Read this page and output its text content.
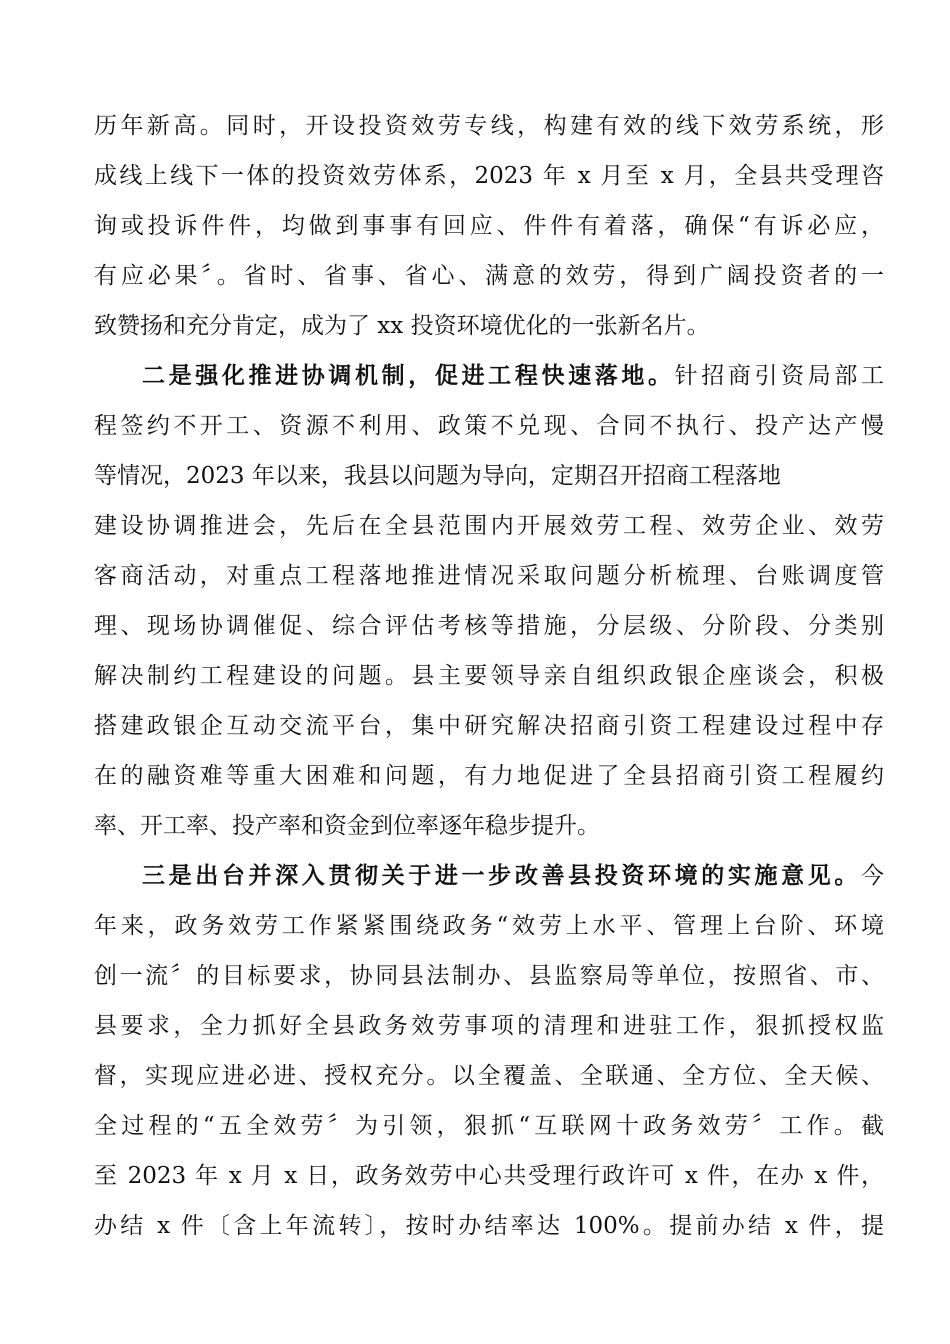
历年新高。同时，开设投资效劳专线，构建有效的线下效劳系统，形
成线上线下一体的投资效劳体系，2023 年 x 月至 x 月，全县共受理咨
询或投诉件件，均做到事事有回应、件件有着落，确保“有诉必应，
有应必果〞。省时、省事、省心、满意的效劳，得到广阔投资者的一
致赞扬和充分肯定，成为了 xx 投资环境优化的一张新名片。
二是强化推进协调机制，促进工程快速落地。针招商引资局部工
程签约不开工、资源不利用、政策不兑现、合同不执行、投产达产慢
等情况，2023 年以来，我县以问题为导向，定期召开招商工程落地
建设协调推进会，先后在全县范围内开展效劳工程、效劳企业、效劳
客商活动，对重点工程落地推进情况采取问题分析梳理、台账调度管
理、现场协调催促、综合评估考核等措施，分层级、分阶段、分类别
解决制约工程建设的问题。县主要领导亲自组织政银企座谈会，积极
搭建政银企互动交流平台，集中研究解决招商引资工程建设过程中存
在的融资难等重大困难和问题，有力地促进了全县招商引资工程履约
率、开工率、投产率和资金到位率逐年稳步提升。
三是出台并深入贯彻关于进一步改善县投资环境的实施意见。今
年来，政务效劳工作紧紧围绕政务“效劳上水平、管理上台阶、环境
创一流〞的目标要求，协同县法制办、县监察局等单位，按照省、市、
县要求，全力抓好全县政务效劳事项的清理和进驻工作，狠抓授权监
督，实现应进必进、授权充分。以全覆盖、全联通、全方位、全天候、
全过程的“五全效劳〞为引领，狠抓“互联网十政务效劳〞工作。截
至 2023 年 x 月 x 日，政务效劳中心共受理行政许可 x 件，在办 x 件，
办结 x 件〔含上年流转〕，按时办结率达 100%。提前办结 x 件，提
